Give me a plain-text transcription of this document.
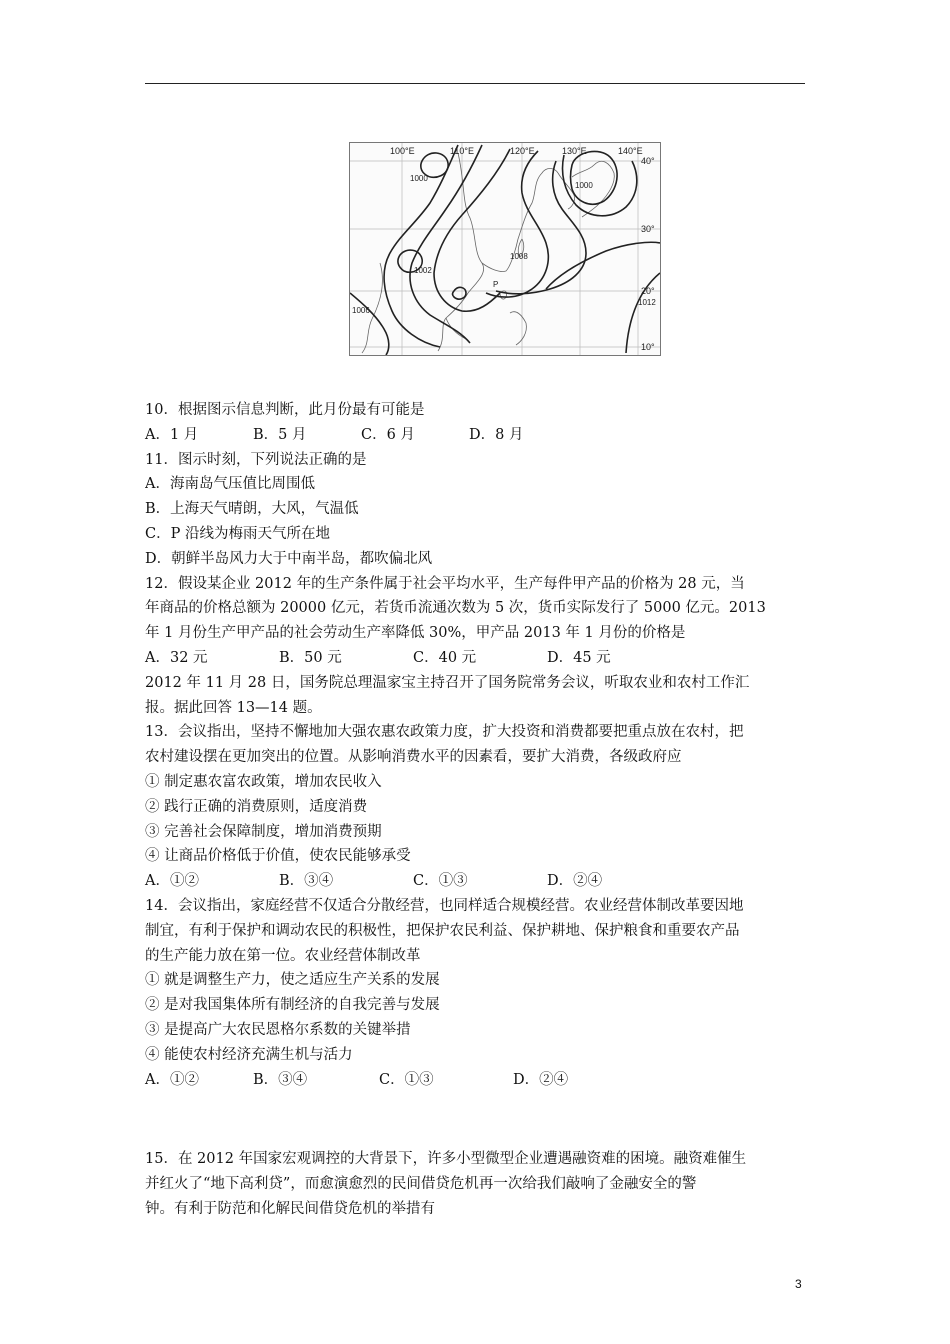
100°E	110°E	120°E	130°E	140°E
40°
30°
20°
10°
1000
1000
1002
1006
1008
1012
P
10．根据图示信息判断，此月份最有可能是
A．1 月	B．5 月	C．6 月	D．8 月
11．图示时刻，下列说法正确的是
A．海南岛气压值比周围低
B．上海天气晴朗，大风，气温低
C．P 沿线为梅雨天气所在地
D．朝鲜半岛风力大于中南半岛，都吹偏北风
12．假设某企业 2012 年的生产条件属于社会平均水平，生产每件甲产品的价格为 28 元，当
年商品的价格总额为 20000 亿元，若货币流通次数为 5 次，货币实际发行了 5000 亿元。2013
年 1 月份生产甲产品的社会劳动生产率降低 30%，甲产品 2013 年 1 月份的价格是
A．32 元	B．50 元	C．40 元	D．45 元
2012 年 11 月 28 日，国务院总理温家宝主持召开了国务院常务会议，听取农业和农村工作汇
报。据此回答 13—14 题。
13．会议指出，坚持不懈地加大强农惠农政策力度，扩大投资和消费都要把重点放在农村，把
农村建设摆在更加突出的位置。从影响消费水平的因素看，要扩大消费，各级政府应
① 制定惠农富农政策，增加农民收入
② 践行正确的消费原则，适度消费
③ 完善社会保障制度，增加消费预期
④ 让商品价格低于价值，使农民能够承受
A．①②	B．③④	C．①③	D．②④
14．会议指出，家庭经营不仅适合分散经营，也同样适合规模经营。农业经营体制改革要因地
制宜，有利于保护和调动农民的积极性，把保护农民利益、保护耕地、保护粮食和重要农产品
的生产能力放在第一位。农业经营体制改革
① 就是调整生产力，使之适应生产关系的发展
② 是对我国集体所有制经济的自我完善与发展
③ 是提高广大农民恩格尔系数的关键举措
④ 能使农村经济充满生机与活力
A．①②	B．③④	C．①③	D．②④
15．在 2012 年国家宏观调控的大背景下，许多小型微型企业遭遇融资难的困境。融资难催生
并红火了“地下高利贷”，而愈演愈烈的民间借贷危机再一次给我们敲响了金融安全的警
钟。有利于防范和化解民间借贷危机的举措有
3
